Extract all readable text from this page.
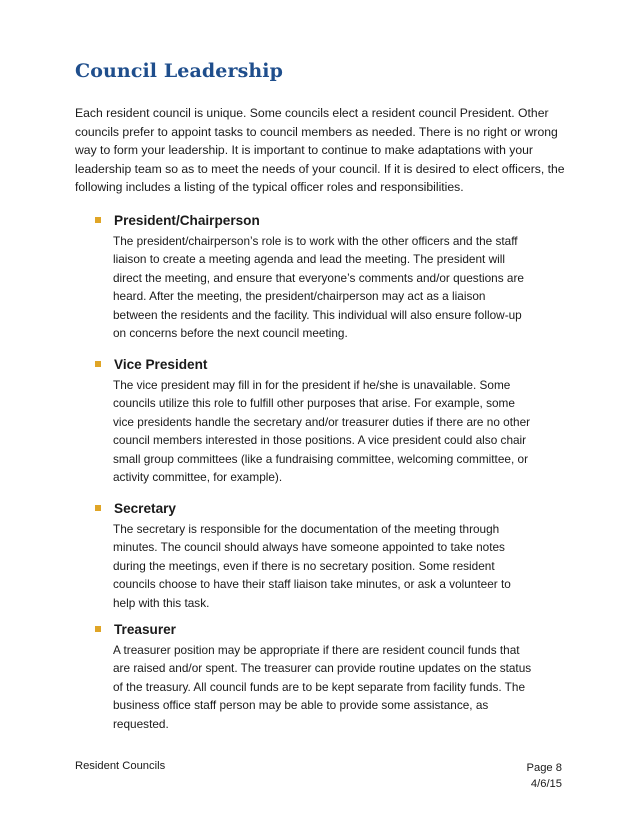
Council Leadership

Each resident council is unique. Some councils elect a resident council President. Other councils prefer to appoint tasks to council members as needed. There is no right or wrong way to form your leadership. It is important to continue to make adaptations with your leadership team so as to meet the needs of your council. If it is desired to elect officers, the following includes a listing of the typical officer roles and responsibilities.

President/Chairperson
The president/chairperson’s role is to work with the other officers and the staff liaison to create a meeting agenda and lead the meeting. The president will direct the meeting, and ensure that everyone’s comments and/or questions are heard. After the meeting, the president/chairperson may act as a liaison between the residents and the facility. This individual will also ensure follow-up on concerns before the next council meeting.
Vice President
The vice president may fill in for the president if he/she is unavailable. Some councils utilize this role to fulfill other purposes that arise. For example, some vice presidents handle the secretary and/or treasurer duties if there are no other council members interested in those positions. A vice president could also chair small group committees (like a fundraising committee, welcoming committee, or activity committee, for example).
Secretary
The secretary is responsible for the documentation of the meeting through minutes. The council should always have someone appointed to take notes during the meetings, even if there is no secretary position. Some resident councils choose to have their staff liaison take minutes, or ask a volunteer to help with this task.
Treasurer
A treasurer position may be appropriate if there are resident council funds that are raised and/or spent. The treasurer can provide routine updates on the status of the treasury. All council funds are to be kept separate from facility funds. The business office staff person may be able to provide some assistance, as requested.
Resident Councils	Page 8
4/6/15
